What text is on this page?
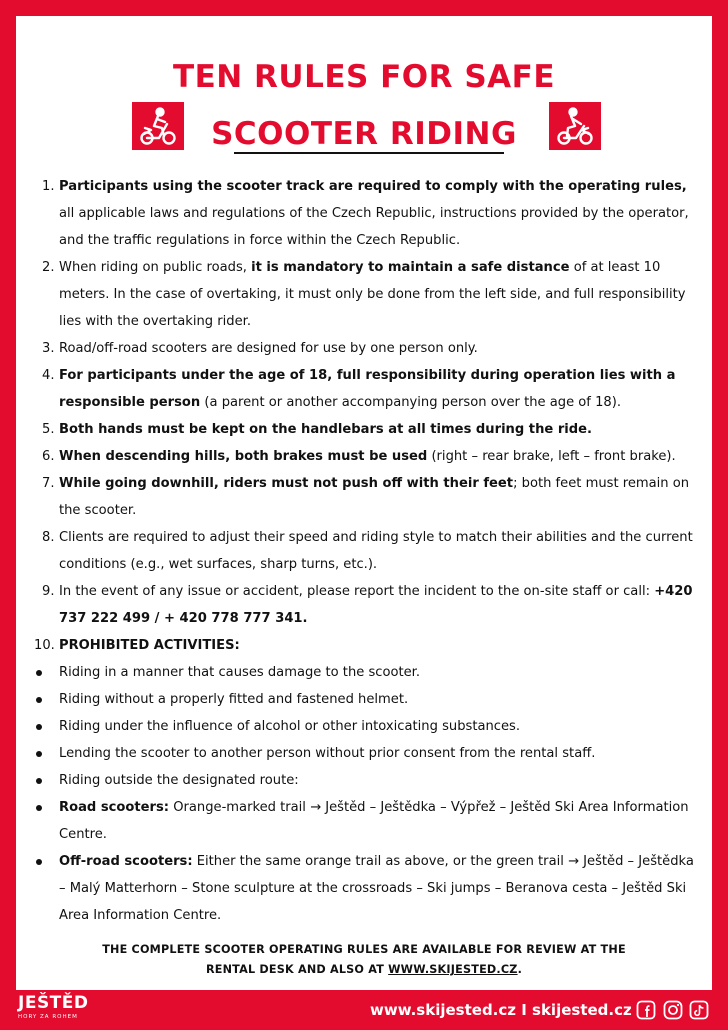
TEN RULES FOR SAFE
SCOOTER RIDING
1. Participants using the scooter track are required to comply with the operating rules, all applicable laws and regulations of the Czech Republic, instructions provided by the operator, and the traffic regulations in force within the Czech Republic.
2. When riding on public roads, it is mandatory to maintain a safe distance of at least 10 meters. In the case of overtaking, it must only be done from the left side, and full responsibility lies with the overtaking rider.
3. Road/off-road scooters are designed for use by one person only.
4. For participants under the age of 18, full responsibility during operation lies with a responsible person (a parent or another accompanying person over the age of 18).
5. Both hands must be kept on the handlebars at all times during the ride.
6. When descending hills, both brakes must be used (right – rear brake, left – front brake).
7. While going downhill, riders must not push off with their feet; both feet must remain on the scooter.
8. Clients are required to adjust their speed and riding style to match their abilities and the current conditions (e.g., wet surfaces, sharp turns, etc.).
9. In the event of any issue or accident, please report the incident to the on-site staff or call: +420 737 222 499 / + 420 778 777 341.
10. PROHIBITED ACTIVITIES:
Riding in a manner that causes damage to the scooter.
Riding without a properly fitted and fastened helmet.
Riding under the influence of alcohol or other intoxicating substances.
Lending the scooter to another person without prior consent from the rental staff.
Riding outside the designated route:
Road scooters: Orange-marked trail → Ještěd – Ještědka – Výpřež – Ještěd Ski Area Information Centre.
Off-road scooters: Either the same orange trail as above, or the green trail → Ještěd – Ještědka – Malý Matterhorn – Stone sculpture at the crossroads – Ski jumps – Beranova cesta – Ještěd Ski Area Information Centre.
THE COMPLETE SCOOTER OPERATING RULES ARE AVAILABLE FOR REVIEW AT THE
RENTAL DESK AND ALSO AT WWW.SKIJESTED.CZ.
JEŠTĚD
HORY ZA ROHEM	www.skijested.cz I skijested.cz
